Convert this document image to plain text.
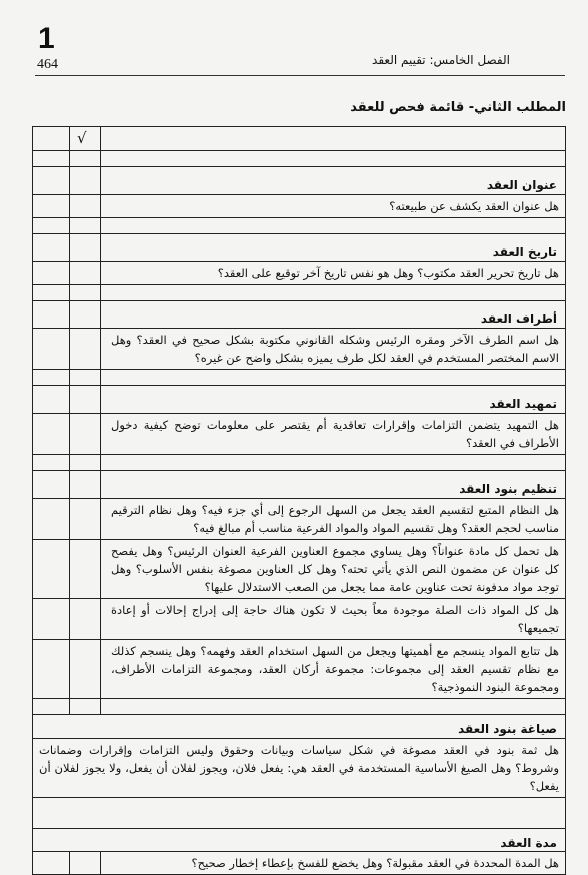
1
464	الفصل الخامس: تقييم العقد
المطلب الثاني- قائمة فحص للعقد
√
عنوان العقد
هل عنوان العقد يكشف عن طبيعته؟
تاريخ العقد
هل تاريخ تحرير العقد مكتوب؟ وهل هو نفس تاريخ آخر توقيع على العقد؟
أطراف العقد
هل اسم الطرف الآخر ومقره الرئيس وشكله القانوني مكتوبة بشكل صحيح في العقد؟ وهل الاسم المختصر المستخدم في العقد لكل طرف يميزه بشكل واضح عن غيره؟
تمهيد العقد
هل التمهيد يتضمن التزامات وإقرارات تعاقدية أم يقتصر على معلومات توضح كيفية دخول الأطراف في العقد؟
تنظيم بنود العقد
هل النظام المتبع لتقسيم العقد يجعل من السهل الرجوع إلى أي جزء فيه؟ وهل نظام الترقيم مناسب لحجم العقد؟ وهل تقسيم المواد والمواد الفرعية مناسب أم مبالغ فيه؟
هل تحمل كل مادة عنواناً؟ وهل يساوي مجموع العناوين الفرعية العنوان الرئيس؟ وهل يفصح كل عنوان عن مضمون النص الذي يأتي تحته؟ وهل كل العناوين مصوغة بنفس الأسلوب؟ وهل توجد مواد مدفونة تحت عناوين عامة مما يجعل من الصعب الاستدلال عليها؟
هل كل المواد ذات الصلة موجودة معاً بحيث لا تكون هناك حاجة إلى إدراج إحالات أو إعادة تجميعها؟
هل تتابع المواد ينسجم مع أهميتها ويجعل من السهل استخدام العقد وفهمه؟ وهل ينسجم كذلك مع نظام تقسيم العقد إلى مجموعات: مجموعة أركان العقد، ومجموعة التزامات الأطراف، ومجموعة البنود النموذجية؟
صياغة بنود العقد
هل ثمة بنود في العقد مصوغة في شكل سياسات وبيانات وحقوق وليس التزامات وإقرارات وضمانات وشروط؟ وهل الصيغ الأساسية المستخدمة في العقد هي: يفعل فلان، ويجوز لفلان أن يفعل، ولا يجوز لفلان أن يفعل؟
مدة العقد
هل المدة المحددة في العقد مقبولة؟ وهل يخضع للفسخ بإعطاء إخطار صحيح؟
